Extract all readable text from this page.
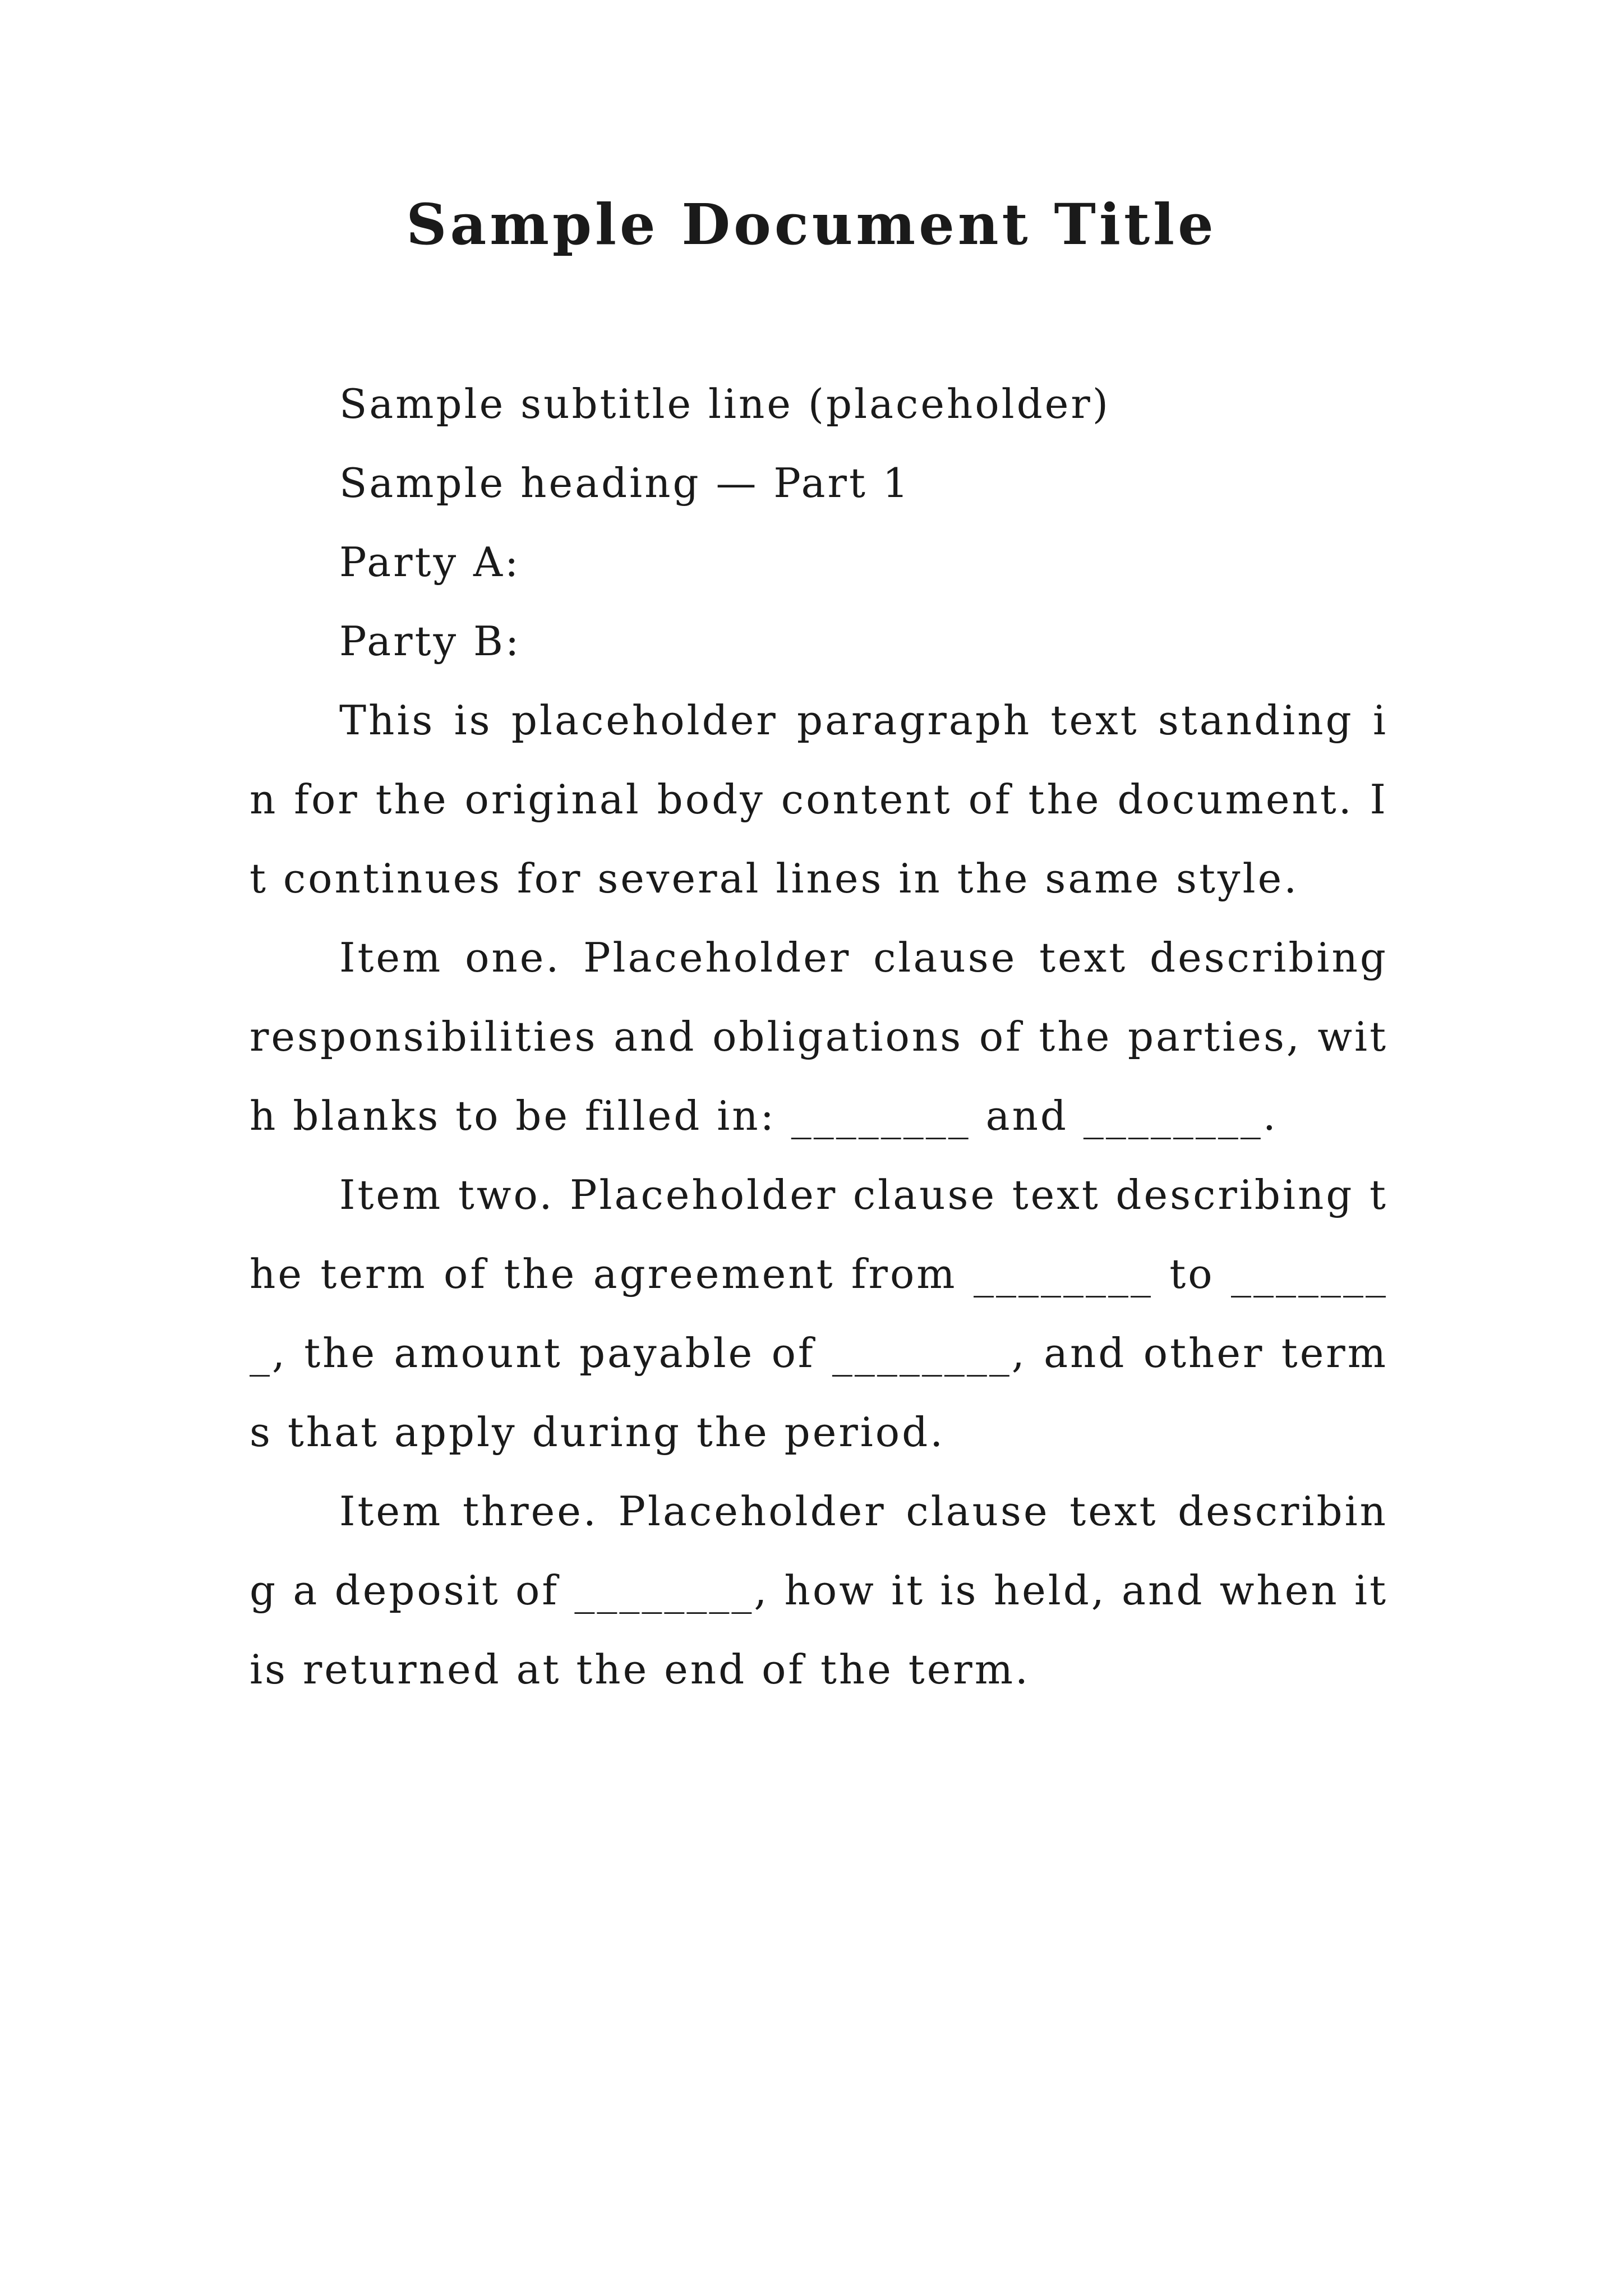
Sample Document Title

Sample subtitle line (placeholder)

Sample heading — Part 1

Party A:

Party B:

This is placeholder paragraph text standing in for the original body content of the document. It continues for several lines in the same style.

Item one. Placeholder clause text describing responsibilities and obligations of the parties, with blanks to be filled in: ________ and ________.

Item two. Placeholder clause text describing the term of the agreement from ________ to ________, the amount payable of ________, and other terms that apply during the period.

Item three. Placeholder clause text describing a deposit of ________, how it is held, and when it is returned at the end of the term.
